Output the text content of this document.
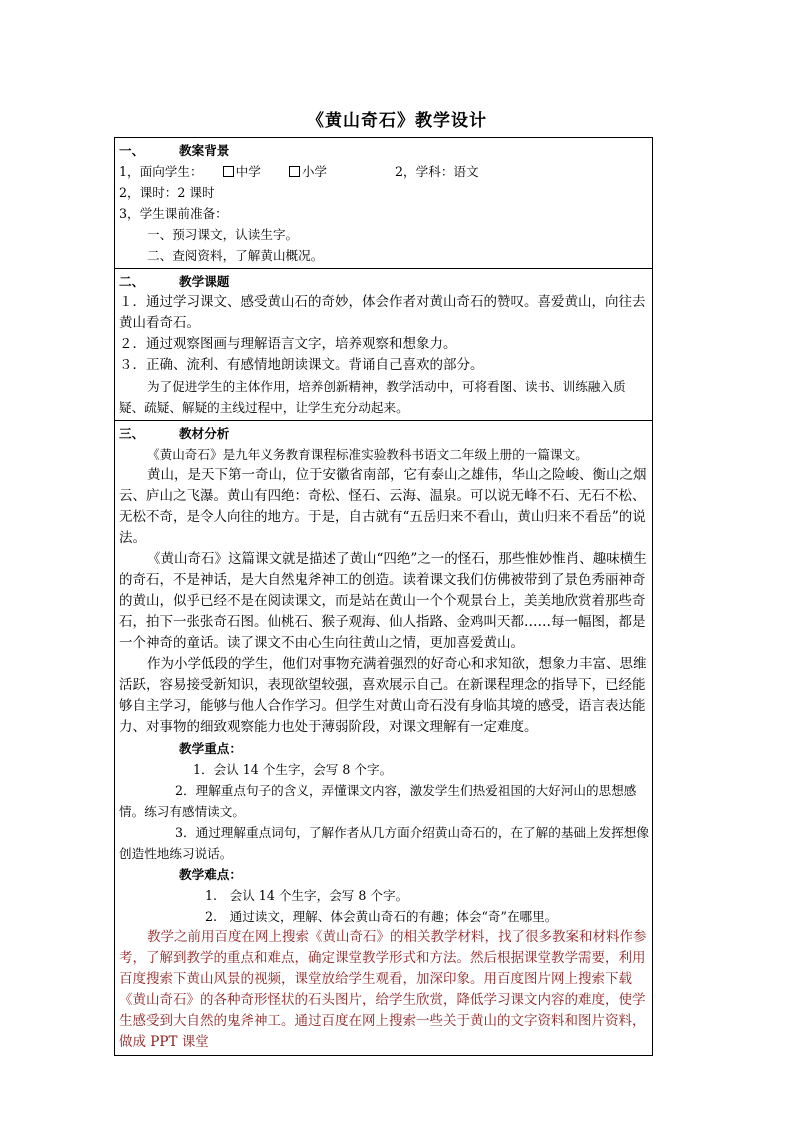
《黄山奇石》教学设计
一、	教案背景
1，面向学生：	中学	小学	2，学科：语文
2，课时：2 课时
3，学生课前准备：
一、预习课文，认读生字。
二、查阅资料，了解黄山概况。
二、	教学课题
１．通过学习课文、感受黄山石的奇妙，体会作者对黄山奇石的赞叹。喜爱黄山，向往去黄山看奇石。
２．通过观察图画与理解语言文字，培养观察和想象力。
３．正确、流利、有感情地朗读课文。背诵自己喜欢的部分。
为了促进学生的主体作用，培养创新精神，教学活动中，可将看图、读书、训练融入质疑、疏疑、解疑的主线过程中，让学生充分动起来。
三、	教材分析
《黄山奇石》是九年义务教育课程标准实验教科书语文二年级上册的一篇课文。
黄山，是天下第一奇山，位于安徽省南部，它有泰山之雄伟，华山之险峻、衡山之烟云、庐山之飞瀑。黄山有四绝：奇松、怪石、云海、温泉。可以说无峰不石、无石不松、无松不奇，是令人向往的地方。于是，自古就有“五岳归来不看山，黄山归来不看岳”的说法。
《黄山奇石》这篇课文就是描述了黄山“四绝”之一的怪石，那些惟妙惟肖、趣味横生的奇石，不是神话，是大自然鬼斧神工的创造。读着课文我们仿佛被带到了景色秀丽神奇的黄山，似乎已经不是在阅读课文，而是站在黄山一个个观景台上，美美地欣赏着那些奇石，拍下一张张奇石图。仙桃石、猴子观海、仙人指路、金鸡叫天都……每一幅图，都是一个神奇的童话。读了课文不由心生向往黄山之情，更加喜爱黄山。
作为小学低段的学生，他们对事物充满着强烈的好奇心和求知欲，想象力丰富、思维活跃，容易接受新知识，表现欲望较强，喜欢展示自己。在新课程理念的指导下，已经能够自主学习，能够与他人合作学习。但学生对黄山奇石没有身临其境的感受，语言表达能力、对事物的细致观察能力也处于薄弱阶段，对课文理解有一定难度。
教学重点：
1．会认 14 个生字，会写 8 个字。
2．理解重点句子的含义，弄懂课文内容，激发学生们热爱祖国的大好河山的思想感情。练习有感情读文。
3．通过理解重点词句，了解作者从几方面介绍黄山奇石的，在了解的基础上发挥想像创造性地练习说话。
教学难点：
1.　会认 14 个生字，会写 8 个字。
2.　通过读文，理解、体会黄山奇石的有趣；体会“奇”在哪里。
教学之前用百度在网上搜索《黄山奇石》的相关教学材料，找了很多教案和材料作参考，了解到教学的重点和难点，确定课堂教学形式和方法。然后根据课堂教学需要，利用百度搜索下黄山风景的视频，课堂放给学生观看，加深印象。用百度图片网上搜索下载《黄山奇石》的各种奇形怪状的石头图片，给学生欣赏，降低学习课文内容的难度，使学生感受到大自然的鬼斧神工。通过百度在网上搜索一些关于黄山的文字资料和图片资料，做成 PPT 课堂
